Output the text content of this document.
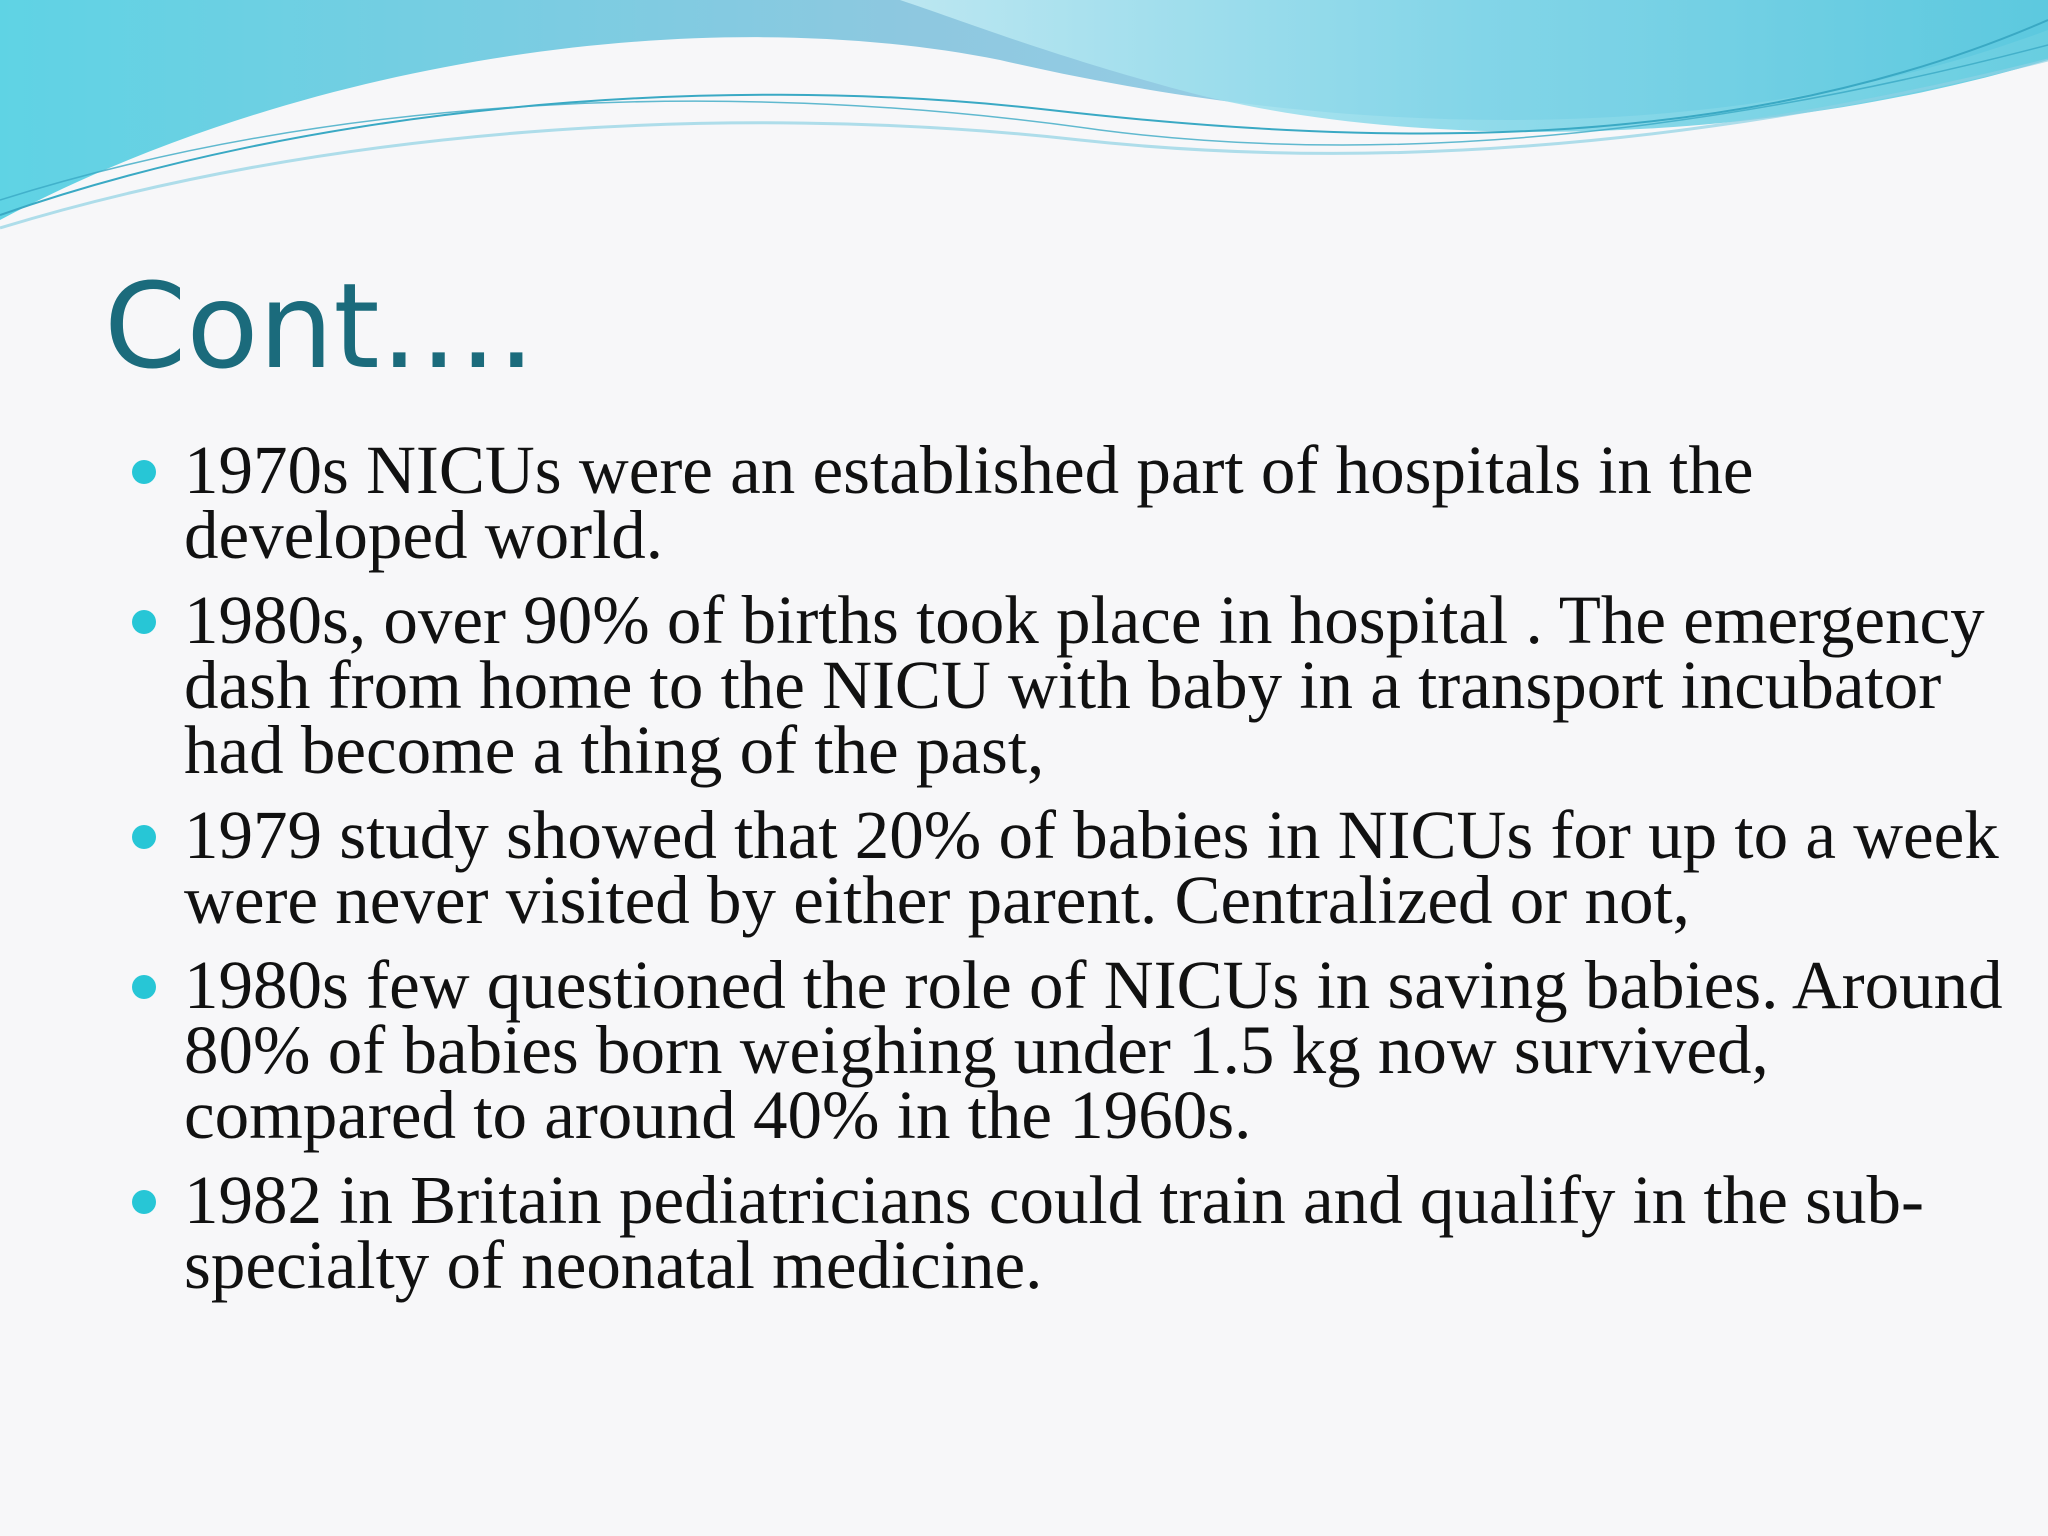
Cont….
1970s NICUs were an established part of hospitals in the developed world.
1980s, over 90% of births took place in hospital . The emergency dash from home to the NICU with baby in a transport incubator had become a thing of the past,
1979 study showed that 20% of babies in NICUs for up to a week were never visited by either parent. Centralized or not,
1980s few questioned the role of NICUs in saving babies. Around 80% of babies born weighing under 1.5 kg now survived, compared to around 40% in the 1960s.
1982 in Britain pediatricians could train and qualify in the sub-specialty of neonatal medicine.
